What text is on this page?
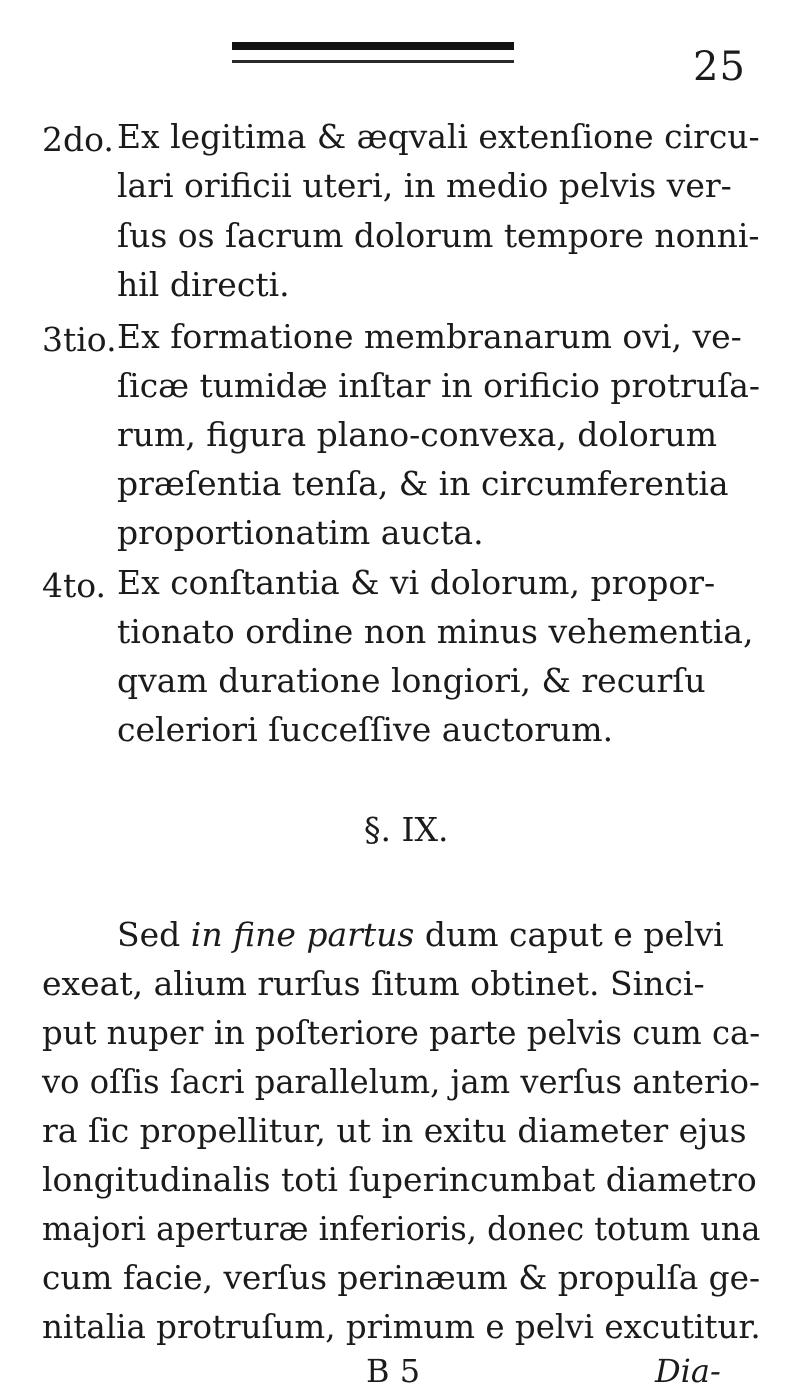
25
2do. Ex legitima & æqvali extenſione circu-
lari orificii uteri, in medio pelvis ver-
ſus os ſacrum dolorum tempore nonni-
hil directi.
3tio. Ex formatione membranarum ovi, ve-
ſicæ tumidæ inſtar in orificio protruſa-
rum, figura plano-convexa, dolorum
præſentia tenſa, & in circumferentia
proportionatim aucta.
4to. Ex conſtantia & vi dolorum, propor-
tionato ordine non minus vehementia,
qvam duratione longiori, & recurſu
celeriori ſucceſſive auctorum.
§. IX.
Sed in fine partus dum caput e pelvi
exeat, alium rurſus ſitum obtinet. Sinci-
put nuper in poſteriore parte pelvis cum ca-
vo oſſis ſacri parallelum, jam verſus anterio-
ra ſic propellitur, ut in exitu diameter ejus
longitudinalis toti ſuperincumbat diametro
majori aperturæ inferioris, donec totum una
cum facie, verſus perinæum & propulſa ge-
nitalia protruſum, primum e pelvi excutitur.
B 5	Dia-
